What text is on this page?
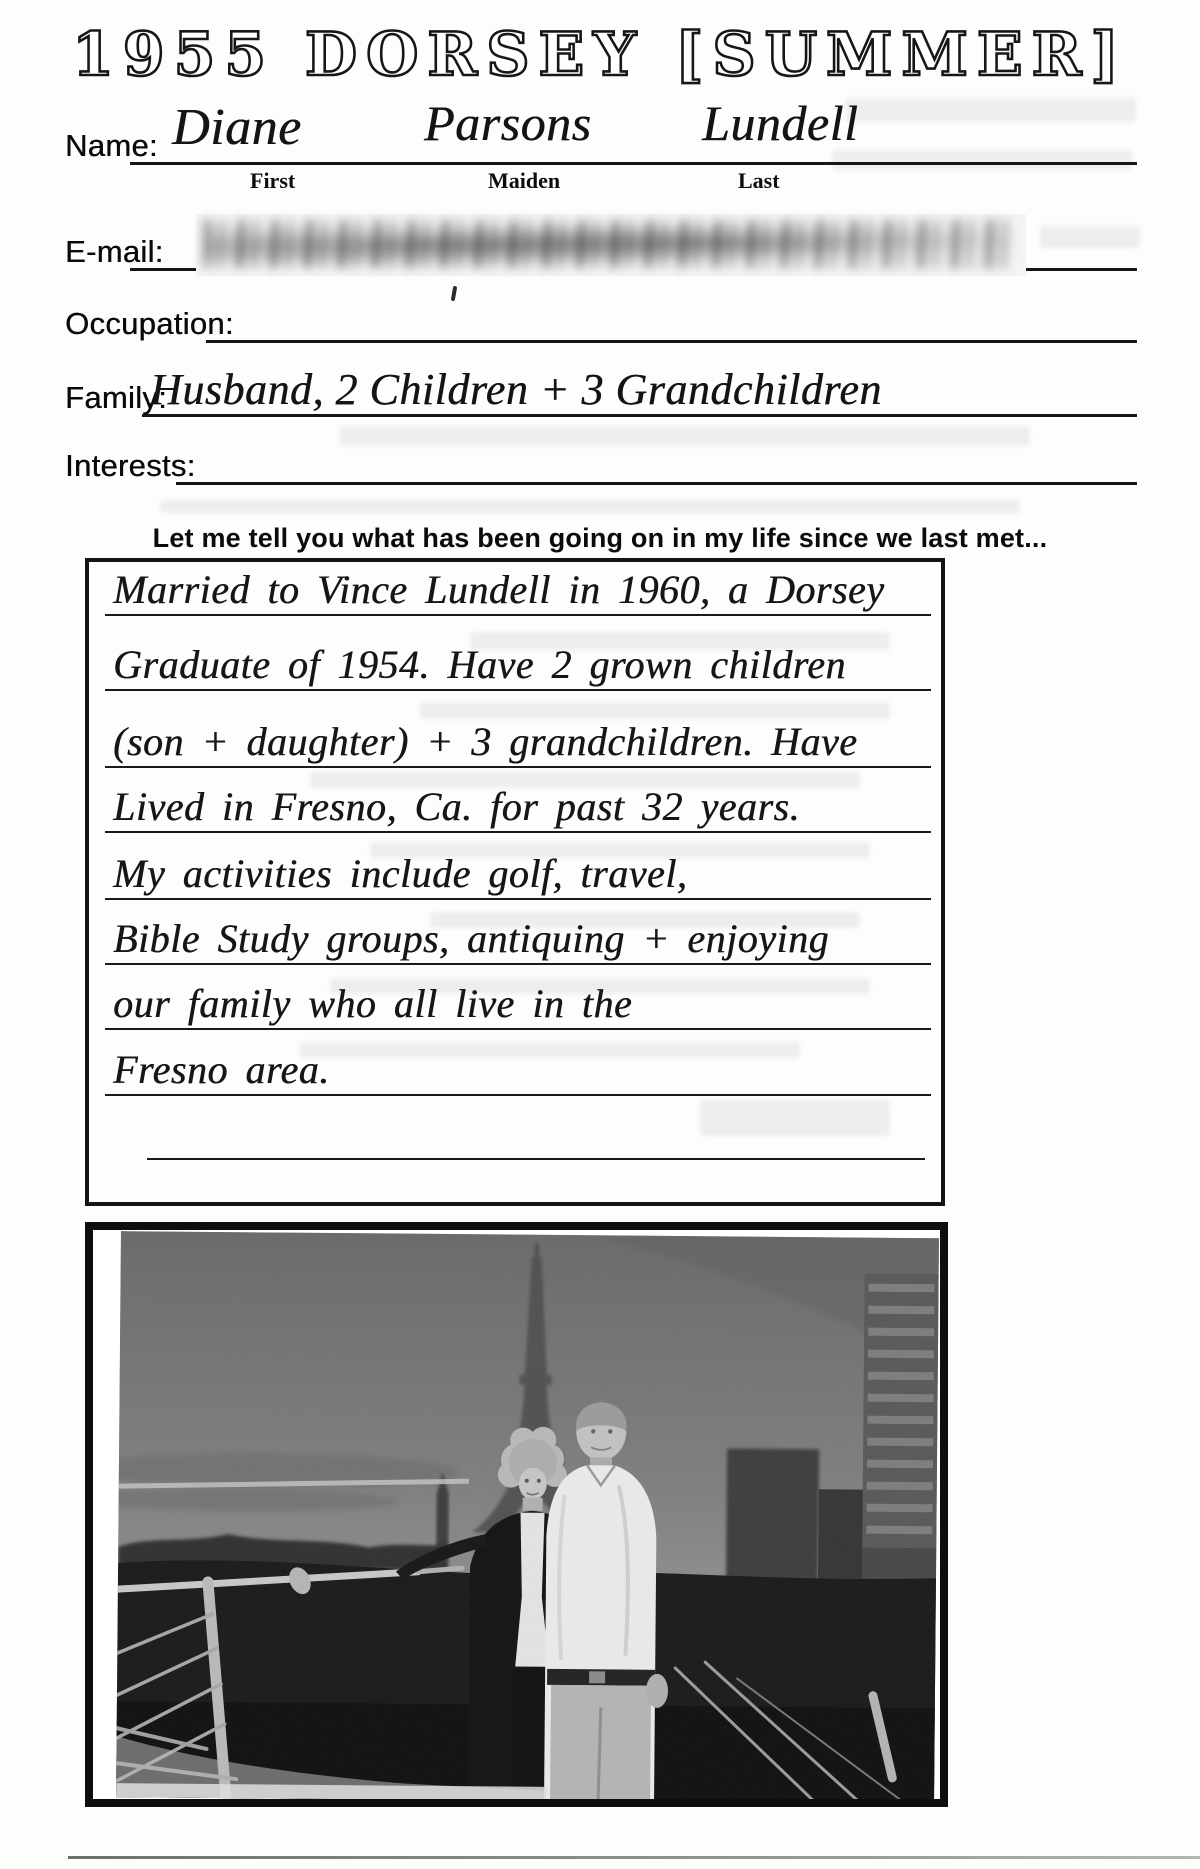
1955 DORSEY [SUMMER]
Name: Diane Parsons Lundell
First	Maiden	Last
E-mail:
Occupation:
Family:
Husband, 2 Children + 3 Grandchildren
Interests:
Let me tell you what has been going on in my life since we last met...
Married to Vince Lundell in 1960, a Dorsey
Graduate of 1954. Have 2 grown children
(son + daughter) + 3 grandchildren. Have
Lived in Fresno, Ca. for past 32 years.
My activities include golf, travel,
Bible Study groups, antiquing + enjoying
our family who all live in the
Fresno area.
